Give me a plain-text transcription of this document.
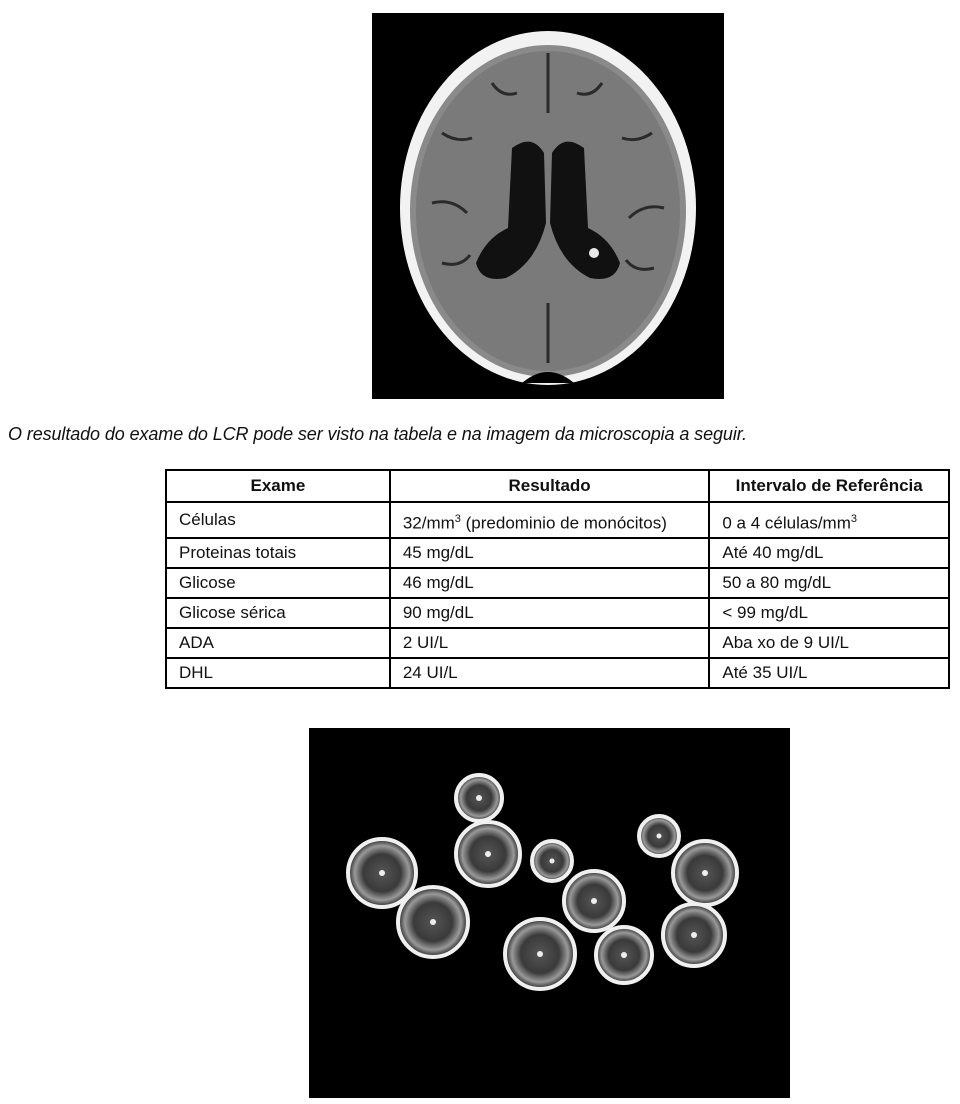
O resultado do exame do LCR pode ser visto na tabela e na imagem da microscopia a seguir.
Exame	Resultado	Intervalo de Referência
Células	$32/mm^3$ (predominio de monócitos)	0 a 4 células/$mm^3$
Proteinas totais	45 mg/dL	Até 40 mg/dL
Glicose	46 mg/dL	50 a 80 mg/dL
Glicose sérica	90 mg/dL	< 99 mg/dL
ADA	2 UI/L	Aba xo de 9 UI/L
DHL	24 UI/L	Até 35 UI/L
